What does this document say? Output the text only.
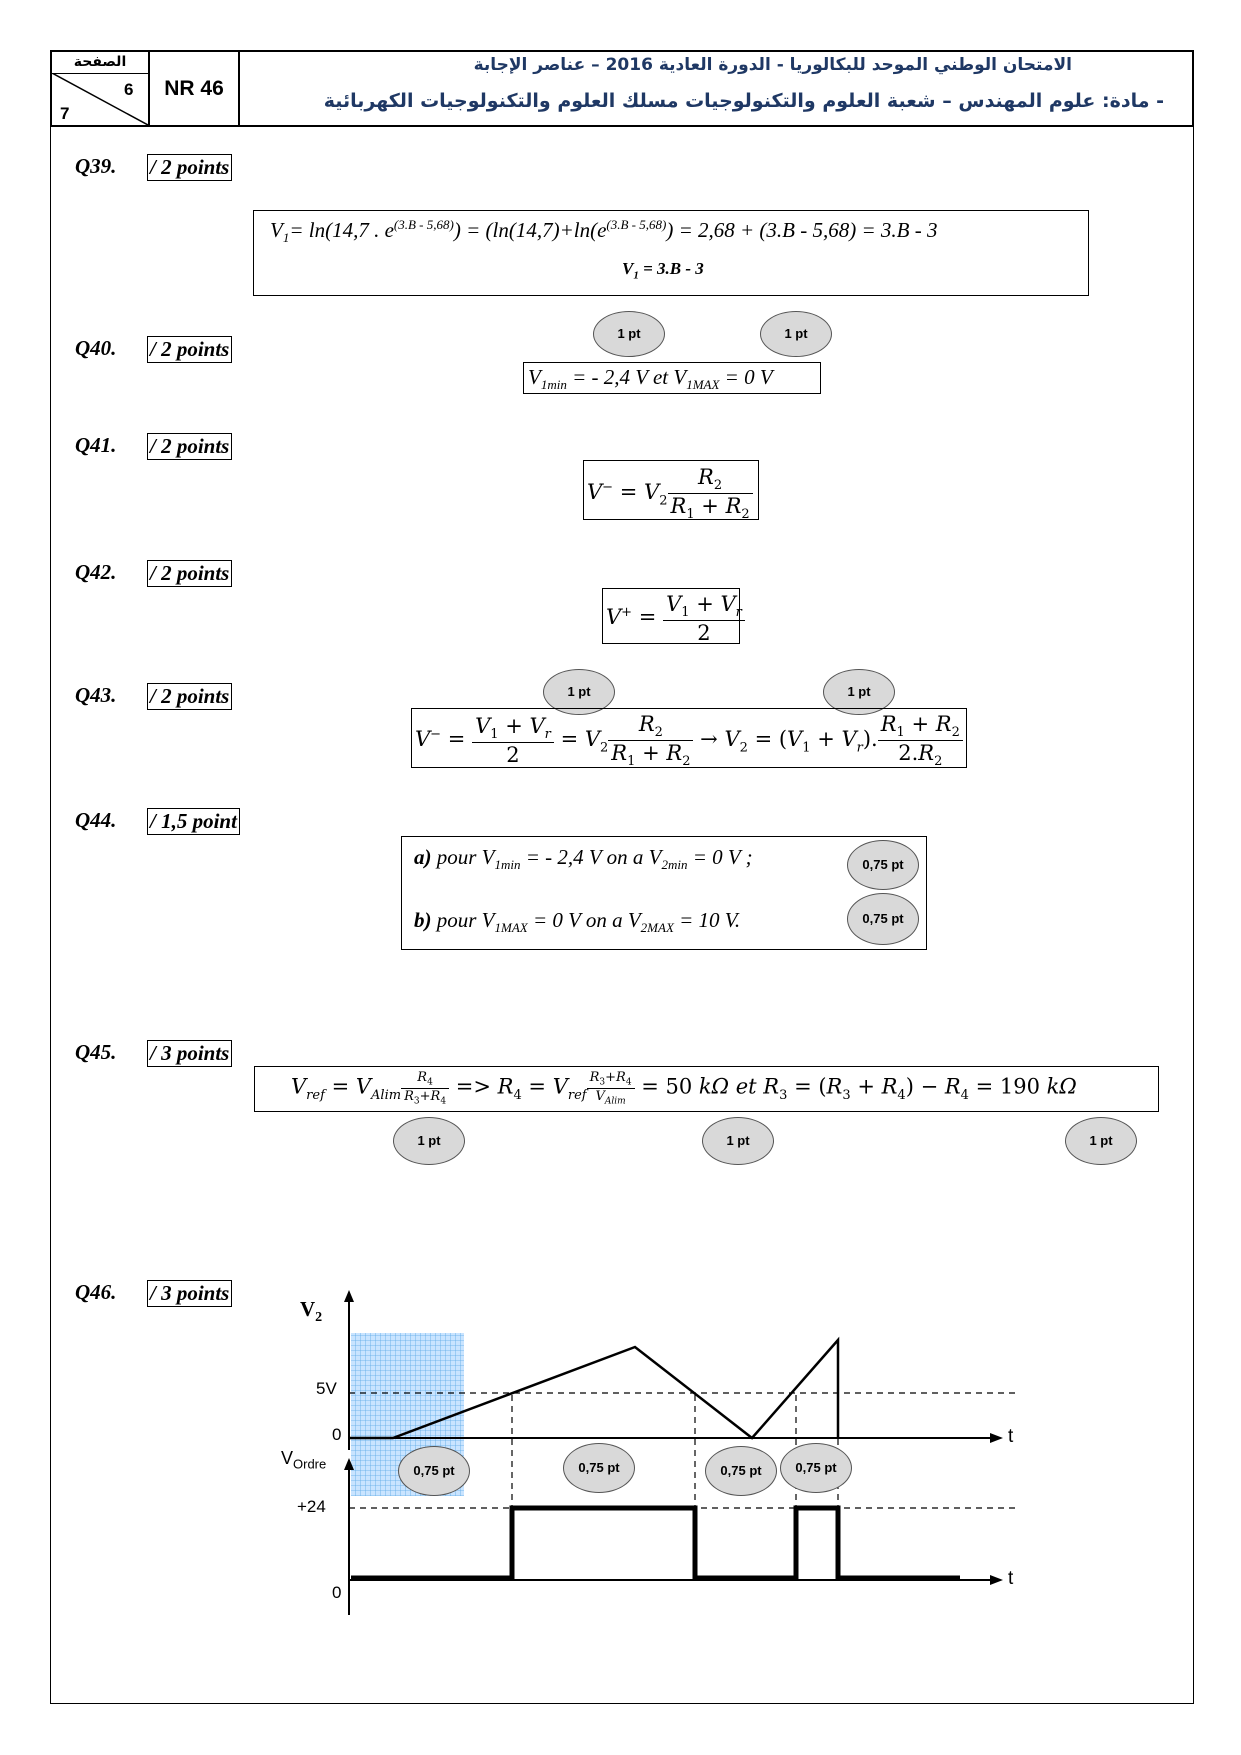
الصفحة
6
7
NR 46
الامتحان الوطني الموحد للبكالوريا - الدورة العادية 2016 – عناصر الإجابة
- مادة: علوم المهندس – شعبة العلوم والتكنولوجيات مسلك العلوم والتكنولوجيات الكهربائية
Q39. / 2 points
$V_1= \ln(14,7$ . $e^{(3.B - 5,68)}) = (\ln(14,7)+\ln(e^{(3.B - 5,68)}) = 2,68 + (3.B - 5,68) = 3.B - 3$
$V_1 = 3.B - 3$
Q40. / 2 points
1 pt	1 pt
$V_{1min}$ = - 2,4 V et $V_{1MAX} = 0$ V
Q41. / 2 points
$V^- = V_2 \frac{R_2}{R_1 + R_2}$
Q42. / 2 points
$V^+ = \frac{V_1 + V_r}{2}$
Q43. / 2 points	1 pt	1 pt
$V^- = \frac{V_1 + V_r}{2} = V_2 \frac{R_2}{R_1 + R_2} \to V_2 = (V_1 + V_r)$. $\frac{R_1 + R_2}{2.R_2}$
Q44. / 1,5 point
a) pour $V_{1min}$ = - 2,4 V on a $V_{2min} = 0$ V ;
b) pour $V_{1MAX} = 0$ V on a $V_{2MAX} = 10$ V.
0,75 pt
0,75 pt
Q45. / 3 points
$V_{ref} = V_{Alim} \frac{R_4}{R_3+R_4} => R_4 = V_{ref} \frac{R_3+R_4}{V_{Alim}} = 50$ kΩ et $R_3 = (R_3 + R_4) - R_4 = 190$ kΩ
1 pt	1 pt	1 pt
Q46. / 3 points
$V_2$
5V
0	t
$V_{Ordre}$
+24
0
t
0,75 pt	0,75 pt	0,75 pt	0,75 pt
